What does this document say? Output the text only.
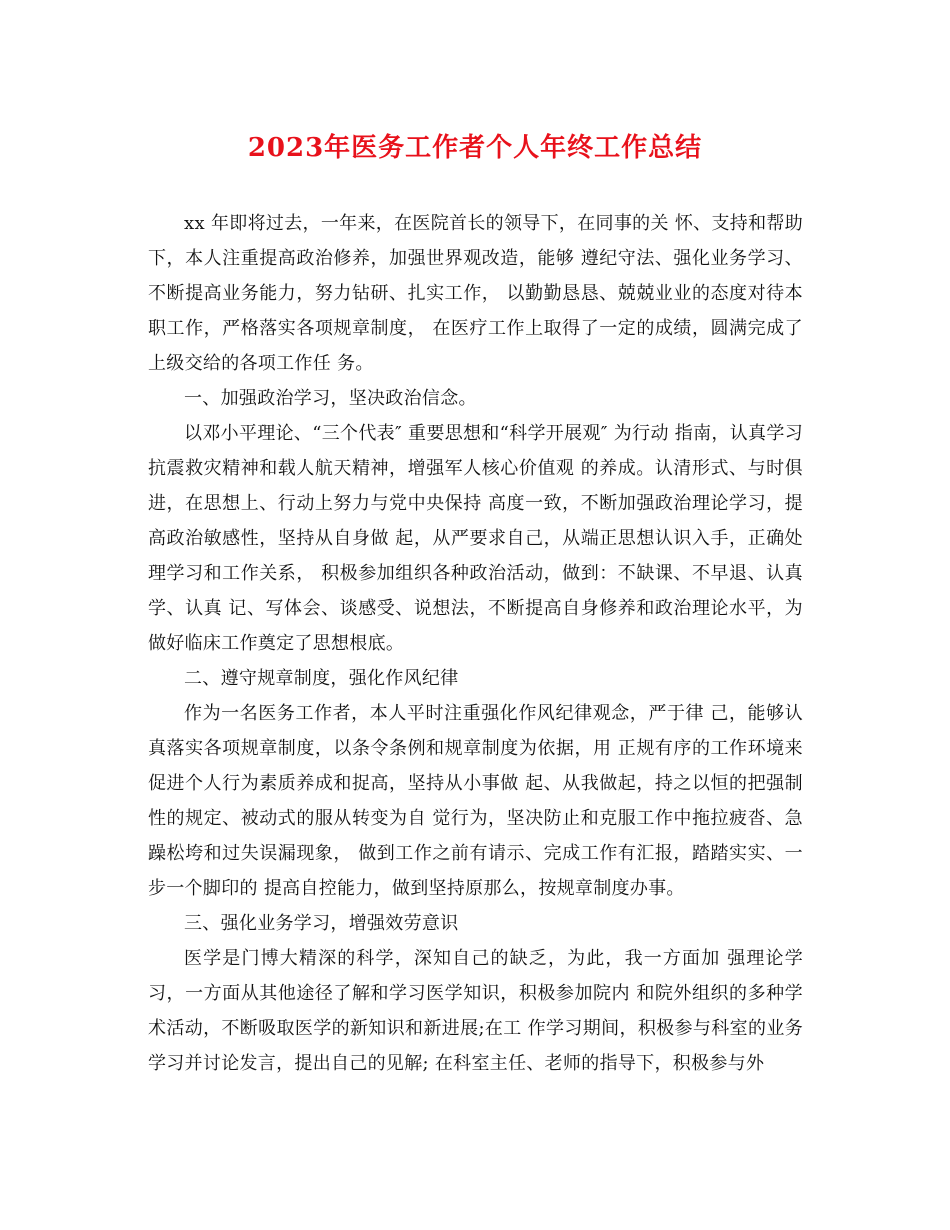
2023年医务工作者个人年终工作总结

xx 年即将过去，一年来，在医院首长的领导下，在同事的关 怀、支持和帮助下，本人注重提高政治修养，加强世界观改造，能够 遵纪守法、强化业务学习、不断提高业务能力，努力钻研、扎实工作， 以勤勤恳恳、兢兢业业的态度对待本职工作，严格落实各项规章制度， 在医疗工作上取得了一定的成绩，圆满完成了上级交给的各项工作任 务。

一、加强政治学习，坚决政治信念。

以邓小平理论、“三个代表″ 重要思想和“科学开展观″ 为行动 指南，认真学习抗震救灾精神和载人航天精神，增强军人核心价值观 的养成。认清形式、与时俱进，在思想上、行动上努力与党中央保持 高度一致，不断加强政治理论学习，提高政治敏感性，坚持从自身做 起，从严要求自己，从端正思想认识入手，正确处理学习和工作关系， 积极参加组织各种政治活动，做到：不缺课、不早退、认真学、认真 记、写体会、谈感受、说想法，不断提高自身修养和政治理论水平，为做好临床工作奠定了思想根底。

二、遵守规章制度，强化作风纪律

作为一名医务工作者，本人平时注重强化作风纪律观念，严于律 己，能够认真落实各项规章制度，以条令条例和规章制度为依据，用 正规有序的工作环境来促进个人行为素质养成和捉高，坚持从小事做 起、从我做起，持之以恒的把强制性的规定、被动式的服从转变为自 觉行为，坚决防止和克服工作中拖拉疲沓、急躁松垮和过失误漏现象， 做到工作之前有请示、完成工作有汇报，踏踏实实、一步一个脚印的 提高自控能力，做到坚持原那么，按规章制度办事。

三、强化业务学习，增强效劳意识

医学是门博大精深的科学，深知自己的缺乏，为此，我一方面加 强理论学习，一方面从其他途径了解和学习医学知识，积极参加院内 和院外组织的多种学术活动，不断吸取医学的新知识和新进展;在工 作学习期间，积极参与科室的业务学习并讨论发言，提出自己的见解; 在科室主任、老师的指导下，积极参与外
